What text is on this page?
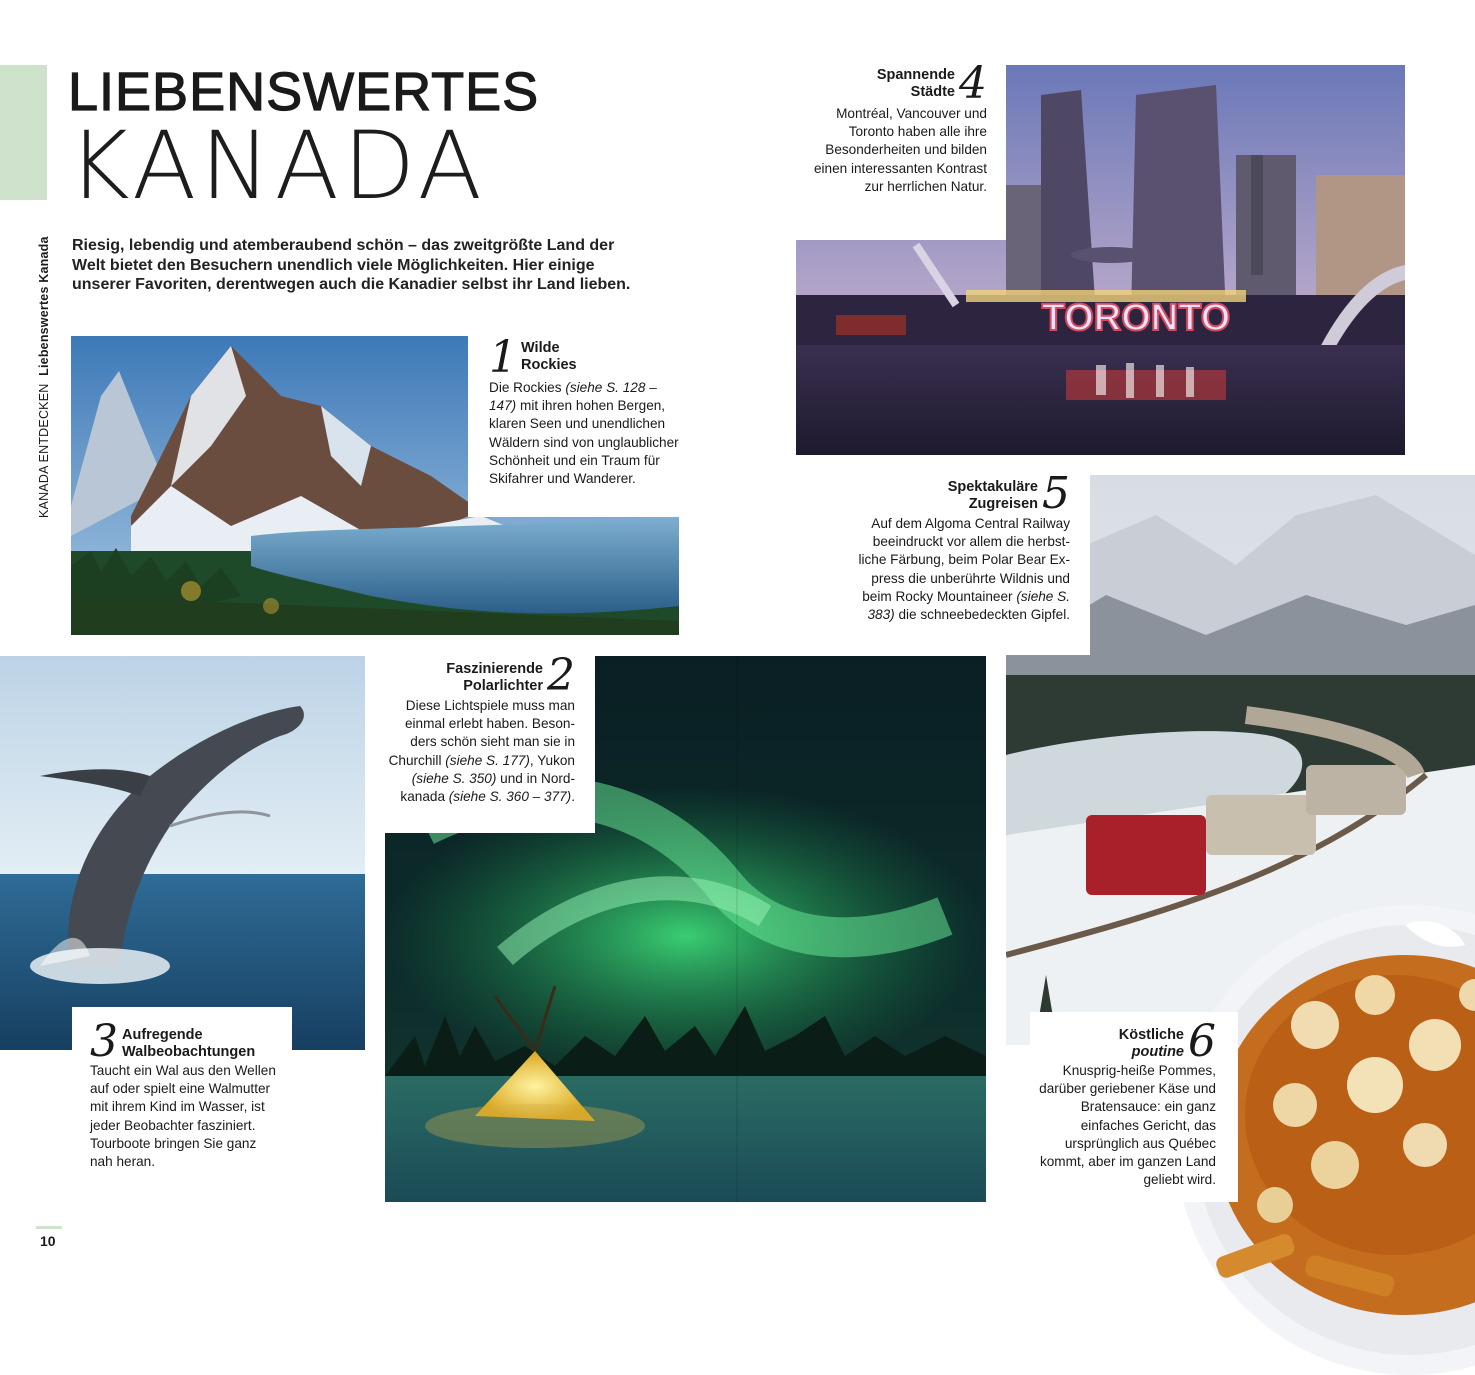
KANADA ENTDECKEN Liebenswertes Kanada
LIEBENSWERTES
KANADA
Riesig, lebendig und atemberaubend schön – das zweitgrößte Land der Welt bietet den Besuchern unendlich viele Möglichkeiten. Hier einige unserer Favoriten, derentwegen auch die Kanadier selbst ihr Land lieben.
1 Wilde
Rockies
Die Rockies (siehe S. 128 –147) mit ihren hohen Bergen, klaren Seen und unendlichen Wäldern sind von unglaublicher Schönheit und ein Traum für Skifahrer und Wanderer.
TORONTO
Spannende
Städte 4
Montréal, Vancouver und Toronto haben alle ihre Besonderheiten und bilden einen interessanten Kontrast zur herrlichen Natur.
Spektakuläre
Zugreisen 5
Auf dem Algoma Central Railway beeindruckt vor allem die herbstliche Färbung, beim Polar Bear Express die unberührte Wildnis und beim Rocky Mountaineer (siehe S. 383) die schneebedeckten Gipfel.
3 Aufregende
Walbeobachtungen
Taucht ein Wal aus den Wellen auf oder spielt eine Walmutter mit ihrem Kind im Wasser, ist jeder Beobachter fasziniert. Tourboote bringen Sie ganz nah heran.
Faszinierende
Polarlichter 2
Diese Lichtspiele muss man einmal erlebt haben. Besonders schön sieht man sie in Churchill (siehe S. 177), Yukon (siehe S. 350) und in Nordkanada (siehe S. 360 – 377).
Köstliche
poutine 6
Knusprig-heiße Pommes, darüber geriebener Käse und Bratensauce: ein ganz einfaches Gericht, das ursprünglich aus Québec kommt, aber im ganzen Land geliebt wird.
10
